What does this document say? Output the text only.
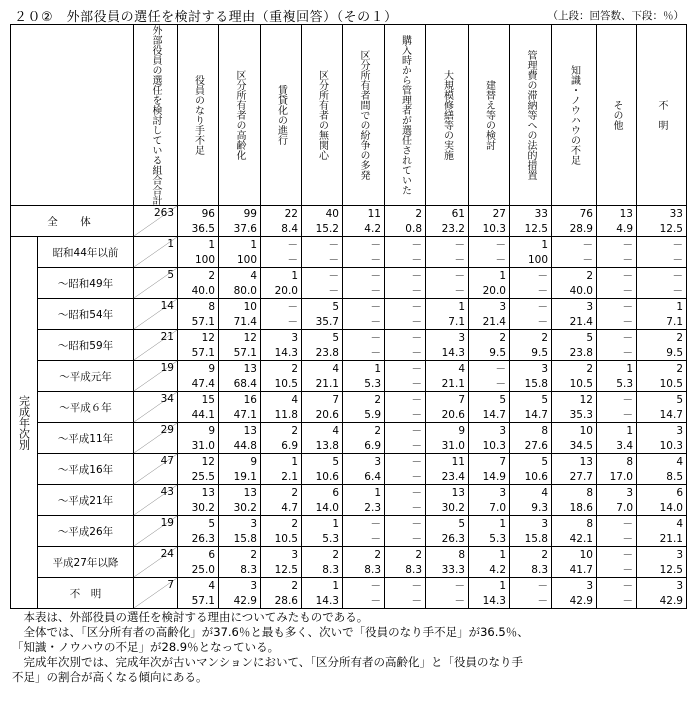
２０②　外部役員の選任を検討する理由（重複回答）（その１）	（上段：回答数、下段：％）

		外部役員の選任を検討している組合合計	役員のなり手不足	区分所有者の高齢化	賃貸化の進行	区分所有者の無関心	区分所有者間での紛争の多発	購入時から管理者が選任されていた	大規模修繕等の実施	建替え等の検討	管理費の滞納等への法的措置	知識・ノウハウの不足	その他	不　明

全　体		263	96	99	22	40	11	2	61	27	33	76	13	33
			36.5	37.6	8.4	15.2	4.2	0.8	23.2	10.3	12.5	28.9	4.9	12.5

完成年次別	昭和44年以前	1	1	1	－	－	－	－	－	－	1	－	－	－
			100	100	－	－	－	－	－	－	100	－	－	－
	～昭和49年	5	2	4	1	－	－	－	－	1	－	2	－	－
			40.0	80.0	20.0	－	－	－	－	20.0	－	40.0	－	－
	～昭和54年	14	8	10	－	5	－	－	1	3	－	3	－	1
			57.1	71.4	－	35.7	－	－	7.1	21.4	－	21.4	－	7.1
	～昭和59年	21	12	12	3	5	－	－	3	2	2	5	－	2
			57.1	57.1	14.3	23.8	－	－	14.3	9.5	9.5	23.8	－	9.5
	～平成元年	19	9	13	2	4	1	－	4	－	3	2	1	2
			47.4	68.4	10.5	21.1	5.3	－	21.1	－	15.8	10.5	5.3	10.5
	～平成６年	34	15	16	4	7	2	－	7	5	5	12	－	5
			44.1	47.1	11.8	20.6	5.9	－	20.6	14.7	14.7	35.3	－	14.7
	～平成11年	29	9	13	2	4	2	－	9	3	8	10	1	3
			31.0	44.8	6.9	13.8	6.9	－	31.0	10.3	27.6	34.5	3.4	10.3
	～平成16年	47	12	9	1	5	3	－	11	7	5	13	8	4
			25.5	19.1	2.1	10.6	6.4	－	23.4	14.9	10.6	27.7	17.0	8.5
	～平成21年	43	13	13	2	6	1	－	13	3	4	8	3	6
			30.2	30.2	4.7	14.0	2.3	－	30.2	7.0	9.3	18.6	7.0	14.0
	～平成26年	19	5	3	2	1	－	－	5	1	3	8	－	4
			26.3	15.8	10.5	5.3	－	－	26.3	5.3	15.8	42.1	－	21.1
	平成27年以降	24	6	2	3	2	2	2	8	1	2	10	－	3
			25.0	8.3	12.5	8.3	8.3	8.3	33.3	4.2	8.3	41.7	－	12.5
	不　明	7	4	3	2	1	－	－	－	1	－	3	－	3
			57.1	42.9	28.6	14.3	－	－	－	14.3	－	42.9	－	42.9

　本表は、外部役員の選任を検討する理由についてみたものである。

　全体では、「区分所有者の高齢化」が37.6％と最も多く、次いで「役員のなり手不足」が36.5％、

「知識・ノウハウの不足」が28.9％となっている。

　完成年次別では、完成年次が古いマンションにおいて、「区分所有者の高齢化」と「役員のなり手

不足」の割合が高くなる傾向にある。
